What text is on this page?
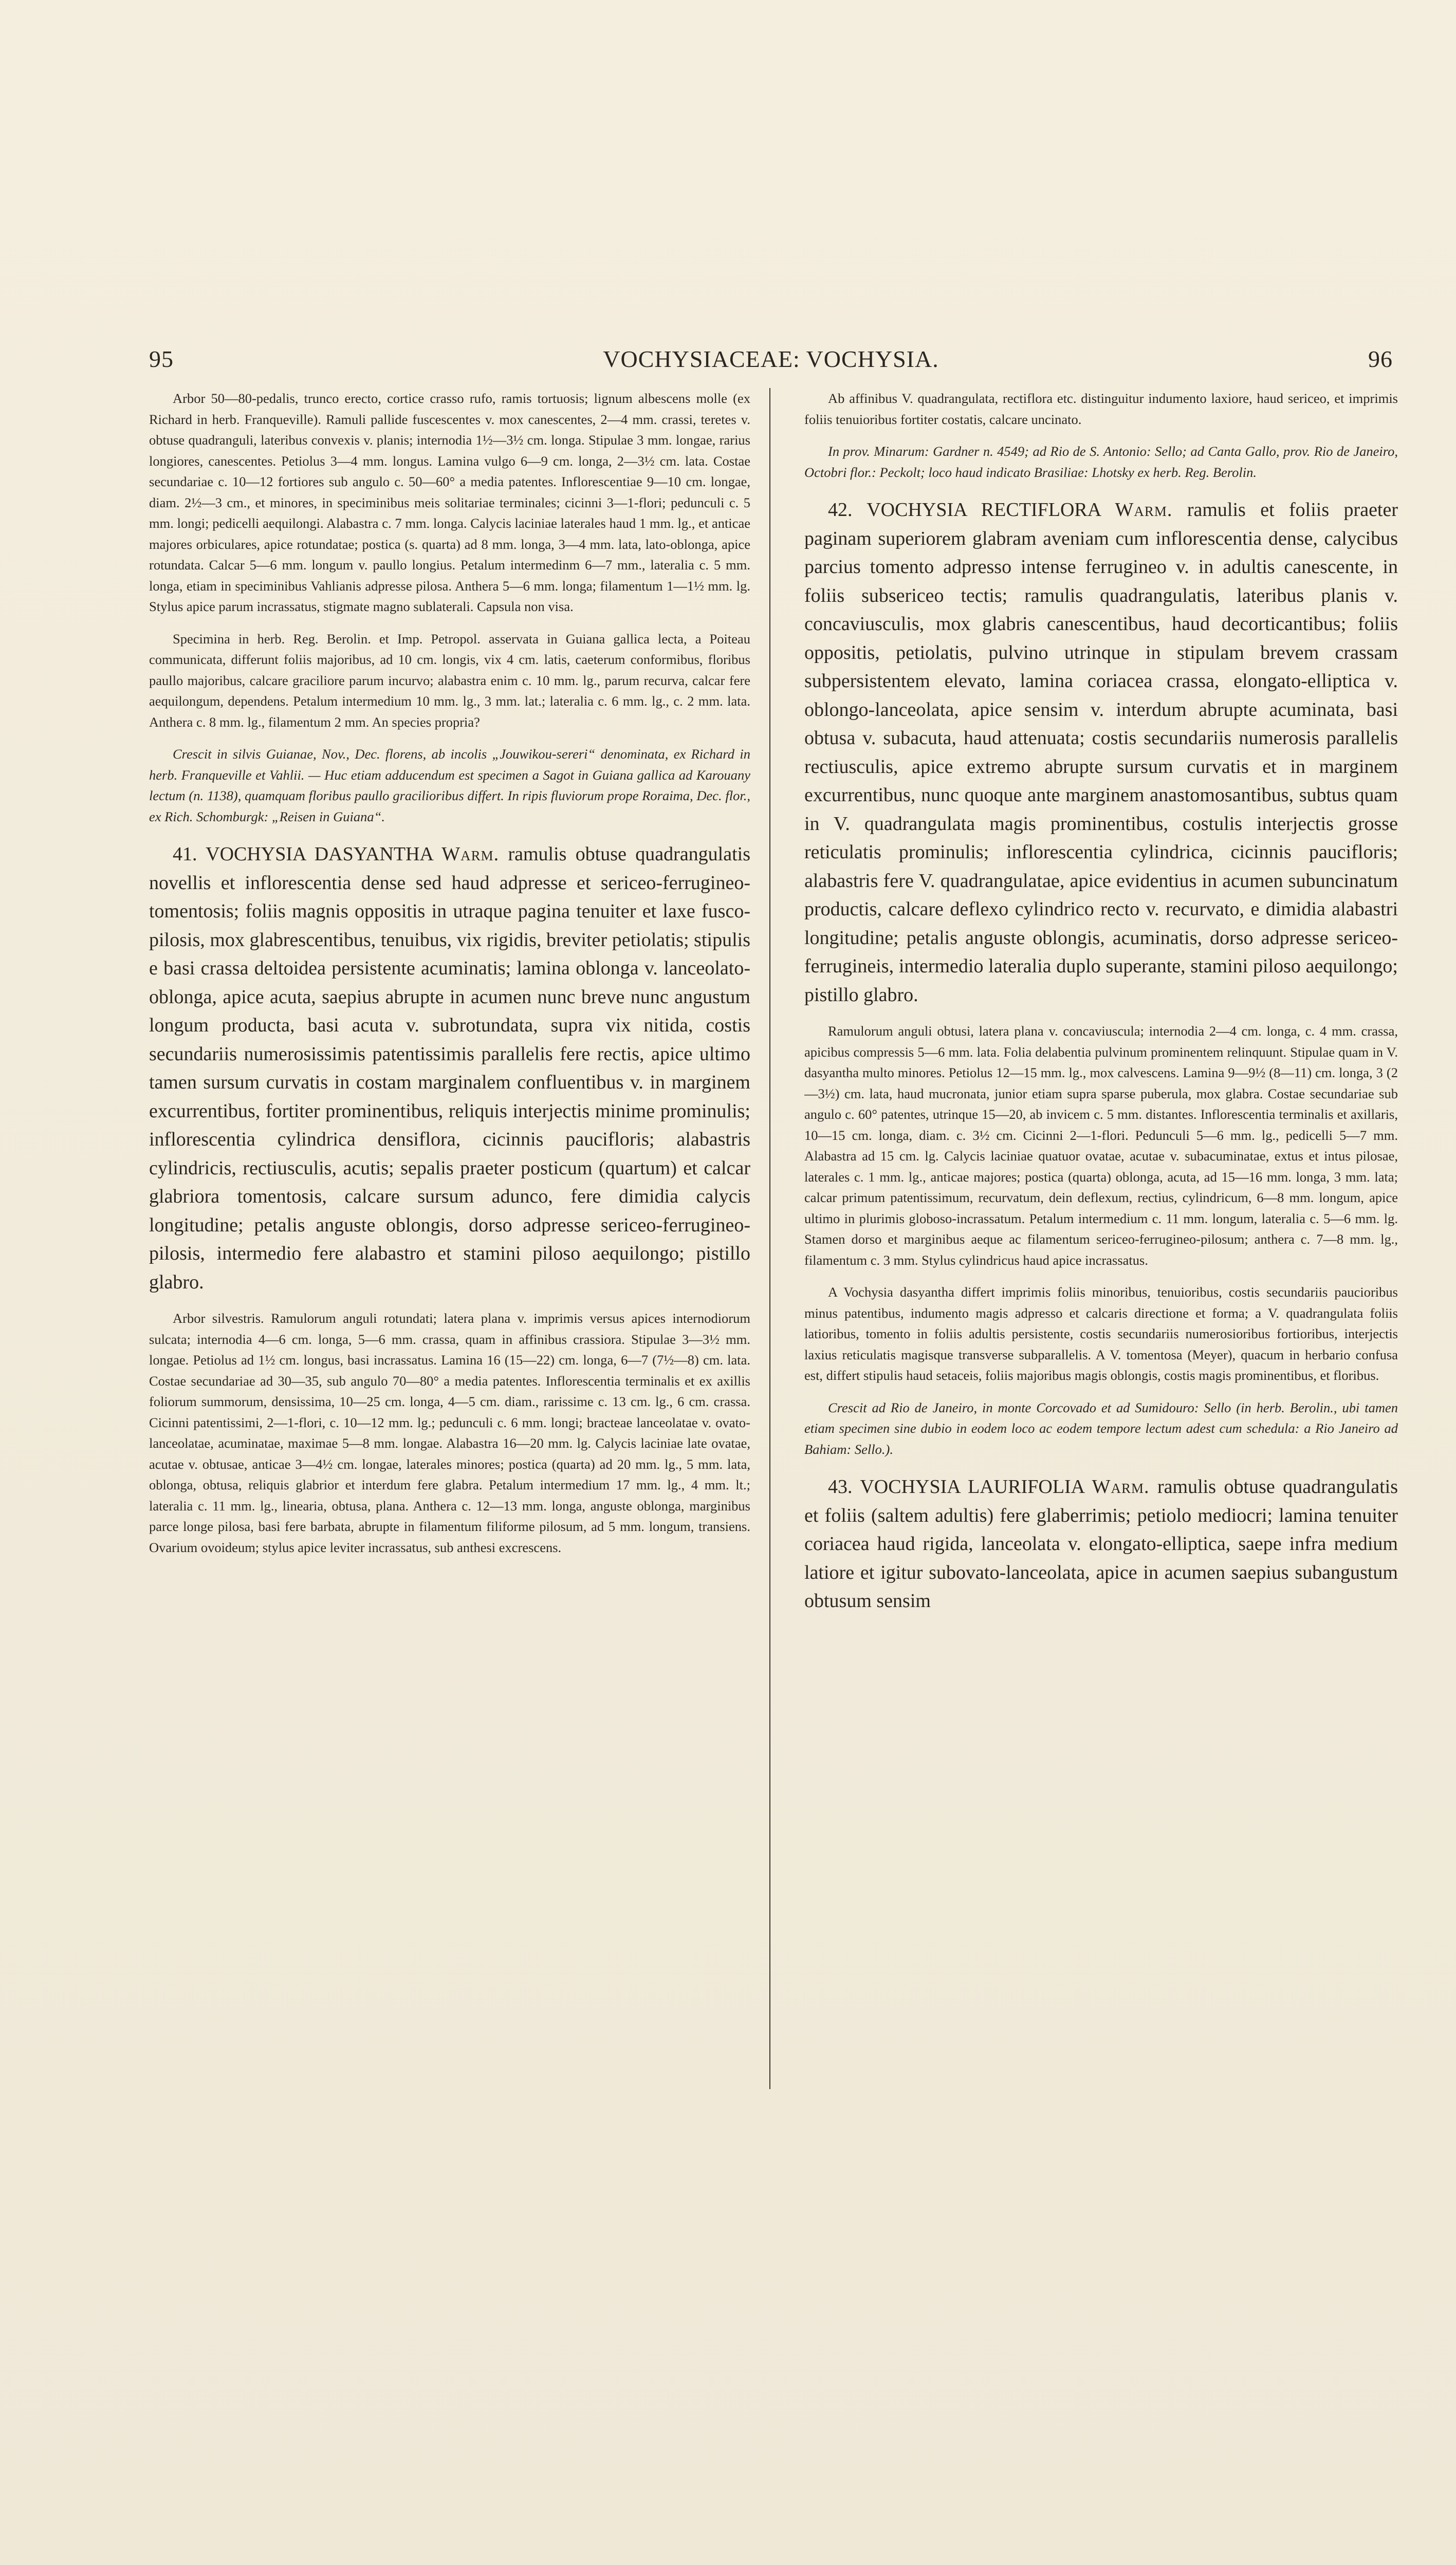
95	VOCHYSIACEAE: VOCHYSIA.	96

Arbor 50—80-pedalis, trunco erecto, cortice crasso rufo, ramis tortuosis; lignum albescens molle (ex Richard in herb. Franqueville). Ramuli pallide fuscescentes v. mox canescentes, 2—4 mm. crassi, teretes v. obtuse quadranguli, lateribus convexis v. planis; internodia 1½—3½ cm. longa. Stipulae 3 mm. longae, rarius longiores, canescentes. Petiolus 3—4 mm. longus. Lamina vulgo 6—9 cm. longa, 2—3½ cm. lata. Costae secundariae c. 10—12 fortiores sub angulo c. 50—60° a media patentes. Inflorescentiae 9—10 cm. longae, diam. 2½—3 cm., et minores, in speciminibus meis solitariae terminales; cicinni 3—1-flori; pedunculi c. 5 mm. longi; pedicelli aequilongi. Alabastra c. 7 mm. longa. Calycis laciniae laterales haud 1 mm. lg., et anticae majores orbiculares, apice rotundatae; postica (s. quarta) ad 8 mm. longa, 3—4 mm. lata, lato-oblonga, apice rotundata. Calcar 5—6 mm. longum v. paullo longius. Petalum intermedinm 6—7 mm., lateralia c. 5 mm. longa, etiam in speciminibus Vahlianis adpresse pilosa. Anthera 5—6 mm. longa; filamentum 1—1½ mm. lg. Stylus apice parum incrassatus, stigmate magno sublaterali. Capsula non visa.

Specimina in herb. Reg. Berolin. et Imp. Petropol. asservata in Guiana gallica lecta, a Poiteau communicata, differunt foliis majoribus, ad 10 cm. longis, vix 4 cm. latis, caeterum conformibus, floribus paullo majoribus, calcare graciliore parum incurvo; alabastra enim c. 10 mm. lg., parum recurva, calcar fere aequilongum, dependens. Petalum intermedium 10 mm. lg., 3 mm. lat.; lateralia c. 6 mm. lg., c. 2 mm. lata. Anthera c. 8 mm. lg., filamentum 2 mm. An species propria?

Crescit in silvis Guianae, Nov., Dec. florens, ab incolis „Jouwikou-sereri“ denominata, ex Richard in herb. Franqueville et Vahlii. — Huc etiam adducendum est specimen a Sagot in Guiana gallica ad Karouany lectum (n. 1138), quamquam floribus paullo gracilioribus differt. In ripis fluviorum prope Roraima, Dec. flor., ex Rich. Schomburgk: „Reisen in Guiana“.

41. VOCHYSIA DASYANTHA Warm. ramulis obtuse quadrangulatis novellis et inflorescentia dense sed haud adpresse et sericeo-ferrugineo-tomentosis; foliis magnis oppositis in utraque pagina tenuiter et laxe fusco-pilosis, mox glabrescentibus, tenuibus, vix rigidis, breviter petiolatis; stipulis e basi crassa deltoidea persistente acuminatis; lamina oblonga v. lanceolato-oblonga, apice acuta, saepius abrupte in acumen nunc breve nunc angustum longum producta, basi acuta v. subrotundata, supra vix nitida, costis secundariis numerosissimis patentissimis parallelis fere rectis, apice ultimo tamen sursum curvatis in costam marginalem confluentibus v. in marginem excurrentibus, fortiter prominentibus, reliquis interjectis minime prominulis; inflorescentia cylindrica densiflora, cicinnis paucifloris; alabastris cylindricis, rectiusculis, acutis; sepalis praeter posticum (quartum) et calcar glabriora tomentosis, calcare sursum adunco, fere dimidia calycis longitudine; petalis anguste oblongis, dorso adpresse sericeo-ferrugineo-pilosis, intermedio fere alabastro et stamini piloso aequilongo; pistillo glabro.

Arbor silvestris. Ramulorum anguli rotundati; latera plana v. imprimis versus apices internodiorum sulcata; internodia 4—6 cm. longa, 5—6 mm. crassa, quam in affinibus crassiora. Stipulae 3—3½ mm. longae. Petiolus ad 1½ cm. longus, basi incrassatus. Lamina 16 (15—22) cm. longa, 6—7 (7½—8) cm. lata. Costae secundariae ad 30—35, sub angulo 70—80° a media patentes. Inflorescentia terminalis et ex axillis foliorum summorum, densissima, 10—25 cm. longa, 4—5 cm. diam., rarissime c. 13 cm. lg., 6 cm. crassa. Cicinni patentissimi, 2—1-flori, c. 10—12 mm. lg.; pedunculi c. 6 mm. longi; bracteae lanceolatae v. ovato-lanceolatae, acuminatae, maximae 5—8 mm. longae. Alabastra 16—20 mm. lg. Calycis laciniae late ovatae, acutae v. obtusae, anticae 3—4½ cm. longae, laterales minores; postica (quarta) ad 20 mm. lg., 5 mm. lata, oblonga, obtusa, reliquis glabrior et interdum fere glabra. Petalum intermedium 17 mm. lg., 4 mm. lt.; lateralia c. 11 mm. lg., linearia, obtusa, plana. Anthera c. 12—13 mm. longa, anguste oblonga, marginibus parce longe pilosa, basi fere barbata, abrupte in filamentum filiforme pilosum, ad 5 mm. longum, transiens. Ovarium ovoideum; stylus apice leviter incrassatus, sub anthesi excrescens.

Ab affinibus V. quadrangulata, rectiflora etc. distinguitur indumento laxiore, haud sericeo, et imprimis foliis tenuioribus fortiter costatis, calcare uncinato.

In prov. Minarum: Gardner n. 4549; ad Rio de S. Antonio: Sello; ad Canta Gallo, prov. Rio de Janeiro, Octobri flor.: Peckolt; loco haud indicato Brasiliae: Lhotsky ex herb. Reg. Berolin.

42. VOCHYSIA RECTIFLORA Warm. ramulis et foliis praeter paginam superiorem glabram aveniam cum inflorescentia dense, calycibus parcius tomento adpresso intense ferrugineo v. in adultis canescente, in foliis subsericeo tectis; ramulis quadrangulatis, lateribus planis v. concaviusculis, mox glabris canescentibus, haud decorticantibus; foliis oppositis, petiolatis, pulvino utrinque in stipulam brevem crassam subpersistentem elevato, lamina coriacea crassa, elongato-elliptica v. oblongo-lanceolata, apice sensim v. interdum abrupte acuminata, basi obtusa v. subacuta, haud attenuata; costis secundariis numerosis parallelis rectiusculis, apice extremo abrupte sursum curvatis et in marginem excurrentibus, nunc quoque ante marginem anastomosantibus, subtus quam in V. quadrangulata magis prominentibus, costulis interjectis grosse reticulatis prominulis; inflorescentia cylindrica, cicinnis paucifloris; alabastris fere V. quadrangulatae, apice evidentius in acumen subuncinatum productis, calcare deflexo cylindrico recto v. recurvato, e dimidia alabastri longitudine; petalis anguste oblongis, acuminatis, dorso adpresse sericeo-ferrugineis, intermedio lateralia duplo superante, stamini piloso aequilongo; pistillo glabro.

Ramulorum anguli obtusi, latera plana v. concaviuscula; internodia 2—4 cm. longa, c. 4 mm. crassa, apicibus compressis 5—6 mm. lata. Folia delabentia pulvinum prominentem relinquunt. Stipulae quam in V. dasyantha multo minores. Petiolus 12—15 mm. lg., mox calvescens. Lamina 9—9½ (8—11) cm. longa, 3 (2—3½) cm. lata, haud mucronata, junior etiam supra sparse puberula, mox glabra. Costae secundariae sub angulo c. 60° patentes, utrinque 15—20, ab invicem c. 5 mm. distantes. Inflorescentia terminalis et axillaris, 10—15 cm. longa, diam. c. 3½ cm. Cicinni 2—1-flori. Pedunculi 5—6 mm. lg., pedicelli 5—7 mm. Alabastra ad 15 cm. lg. Calycis laciniae quatuor ovatae, acutae v. subacuminatae, extus et intus pilosae, laterales c. 1 mm. lg., anticae majores; postica (quarta) oblonga, acuta, ad 15—16 mm. longa, 3 mm. lata; calcar primum patentissimum, recurvatum, dein deflexum, rectius, cylindricum, 6—8 mm. longum, apice ultimo in plurimis globoso-incrassatum. Petalum intermedium c. 11 mm. longum, lateralia c. 5—6 mm. lg. Stamen dorso et marginibus aeque ac filamentum sericeo-ferrugineo-pilosum; anthera c. 7—8 mm. lg., filamentum c. 3 mm. Stylus cylindricus haud apice incrassatus.

A Vochysia dasyantha differt imprimis foliis minoribus, tenuioribus, costis secundariis paucioribus minus patentibus, indumento magis adpresso et calcaris directione et forma; a V. quadrangulata foliis latioribus, tomento in foliis adultis persistente, costis secundariis numerosioribus fortioribus, interjectis laxius reticulatis magisque transverse subparallelis. A V. tomentosa (Meyer), quacum in herbario confusa est, differt stipulis haud setaceis, foliis majoribus magis oblongis, costis magis prominentibus, et floribus.

Crescit ad Rio de Janeiro, in monte Corcovado et ad Sumidouro: Sello (in herb. Berolin., ubi tamen etiam specimen sine dubio in eodem loco ac eodem tempore lectum adest cum schedula: a Rio Janeiro ad Bahiam: Sello.).

43. VOCHYSIA LAURIFOLIA Warm. ramulis obtuse quadrangulatis et foliis (saltem adultis) fere glaberrimis; petiolo mediocri; lamina tenuiter coriacea haud rigida, lanceolata v. elongato-elliptica, saepe infra medium latiore et igitur subovato-lanceolata, apice in acumen saepius subangustum obtusum sensim
